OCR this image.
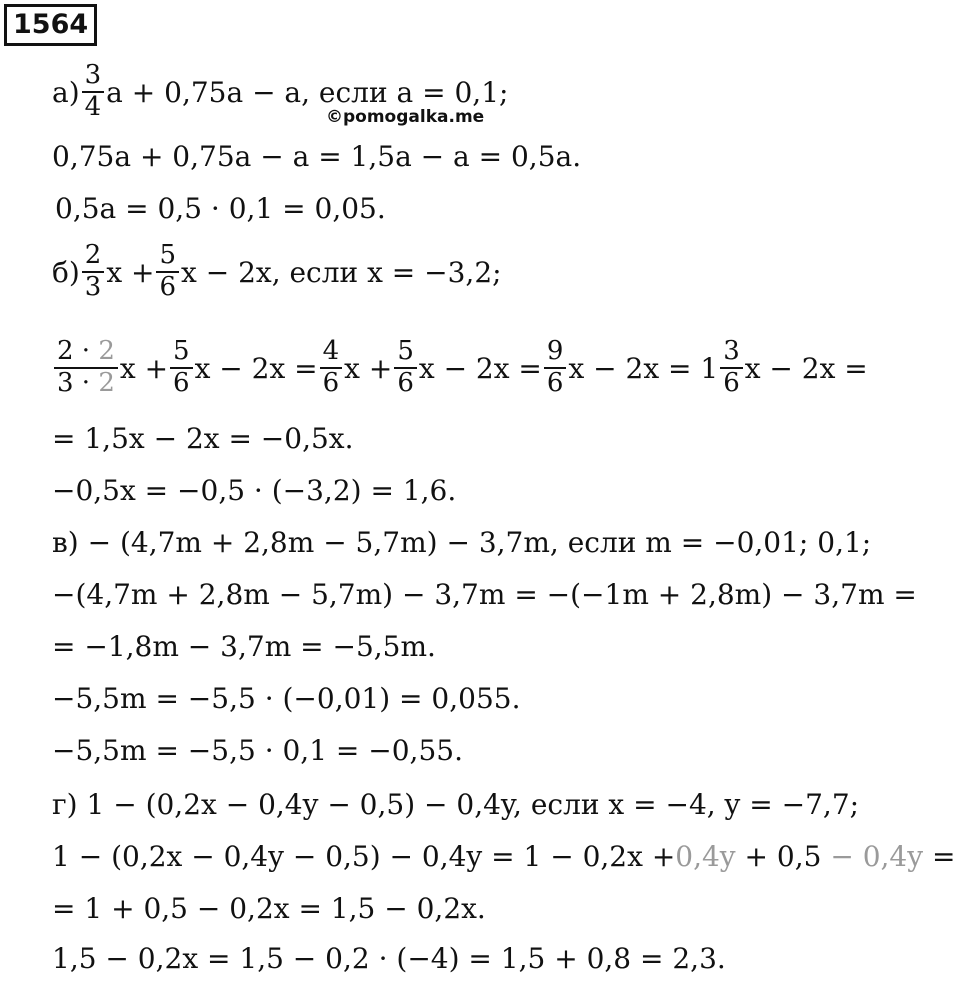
1564
©pomogalka.me
$а) \frac{3}{4}$ a + 0,75a − a, если a = 0,1;
0,75a + 0,75a − a = 1,5a − a = 0,5a.
0,5a = 0,5 · 0,1 = 0,05.
$б) \frac{2}{3}$ $x + \frac{5}{6}$ x − 2x, если x = −3,2;
$\frac{2 \cdot 2}{3 \cdot 2}$ $x + \frac{5}{6}$ $x - 2x = \frac{4}{6}$ $x + \frac{5}{6}$ $x - 2x = \frac{9}{6}$ $x - 2x = 1 \frac{3}{6}$ x − 2x =
= 1,5x − 2x = −0,5x.
−0,5x = −0,5 · (−3,2) = 1,6.
в) − (4,7m + 2,8m − 5,7m) − 3,7m, если m = −0,01; 0,1;
−(4,7m + 2,8m − 5,7m) − 3,7m = −(−1m + 2,8m) − 3,7m =
= −1,8m − 3,7m = −5,5m.
−5,5m = −5,5 · (−0,01) = 0,055.
−5,5m = −5,5 · 0,1 = −0,55.
г) 1 − (0,2x − 0,4y − 0,5) − 0,4y, если x = −4, y = −7,7;
1 − (0,2x − 0,4y − 0,5) − 0,4y = 1 − 0,2x + 0,4y + 0,5 − 0,4y =
= 1 + 0,5 − 0,2x = 1,5 − 0,2x.
1,5 − 0,2x = 1,5 − 0,2 · (−4) = 1,5 + 0,8 = 2,3.
